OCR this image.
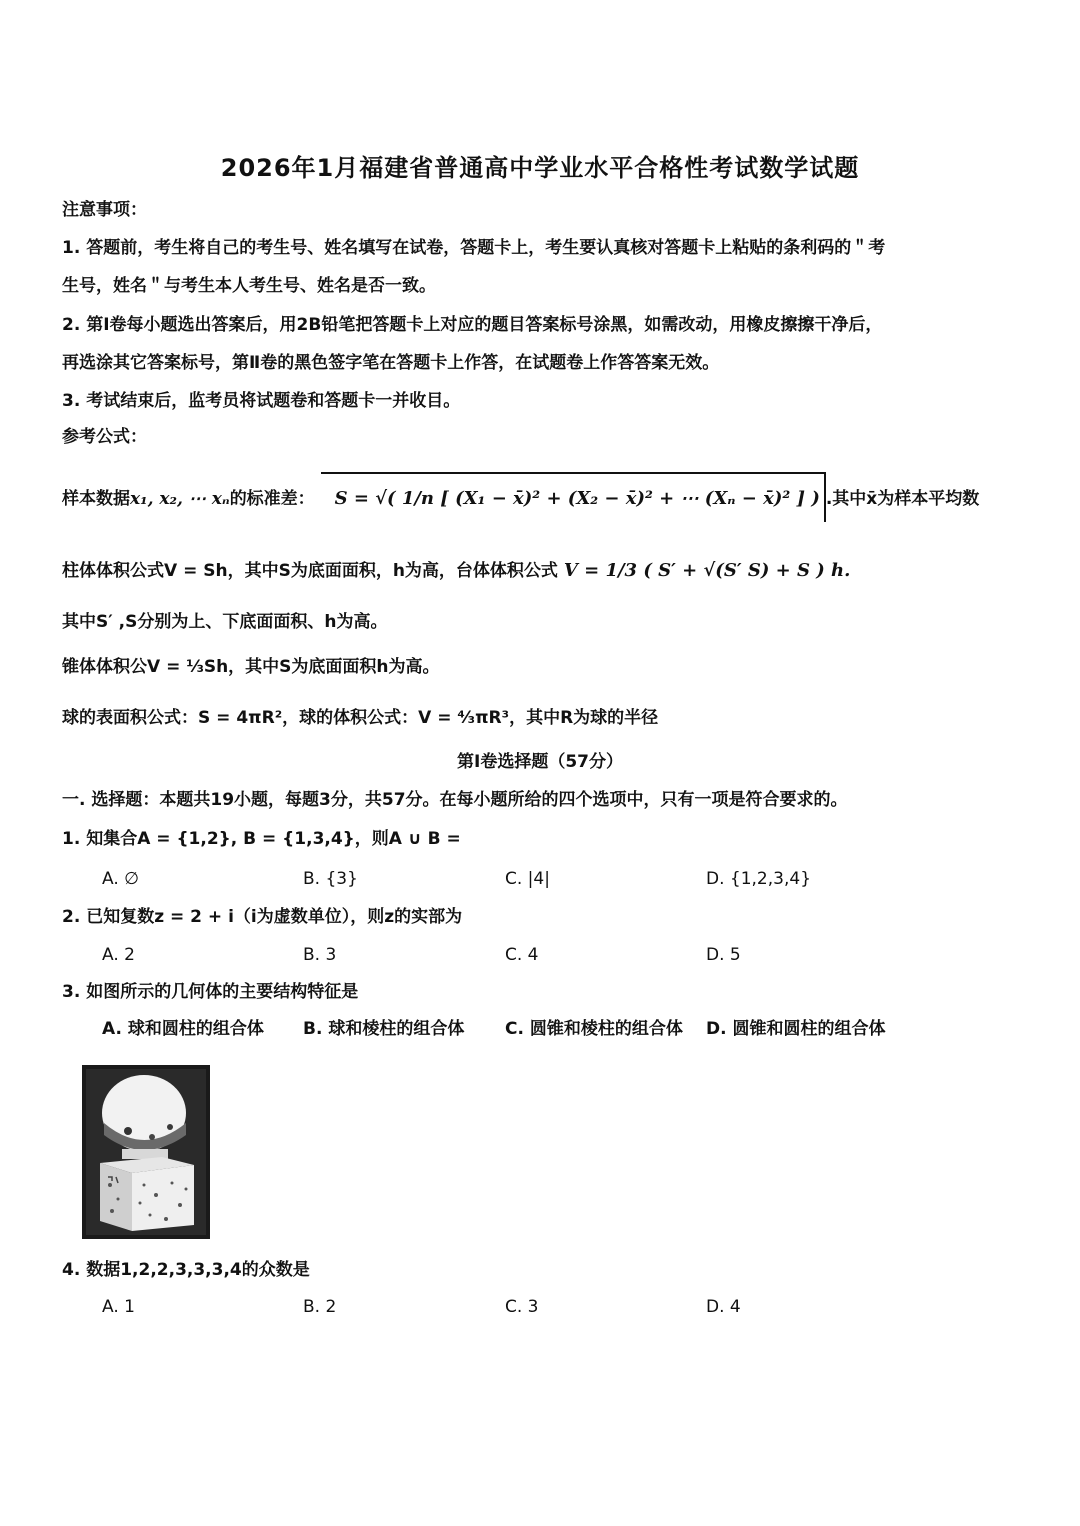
2026年1月福建省普通高中学业水平合格性考试数学试题
注意事项：
1. 答题前，考生将自己的考生号、姓名填写在试卷，答题卡上，考生要认真核对答题卡上粘贴的条利码的＂考
生号，姓名＂与考生本人考生号、姓名是否一致。
2. 第Ⅰ卷每小题选出答案后，用2B铅笔把答题卡上对应的题目答案标号涂黑，如需改动，用橡皮擦擦干净后，
再选涂其它答案标号，第Ⅱ卷的黑色签字笔在答题卡上作答，在试题卷上作答答案无效。
3. 考试结束后，监考员将试题卷和答题卡一并收目。
参考公式：
样本数据x₁, x₂, ⋯ xₙ的标准差： S = √( 1/n [ (X₁ − x̄)² + (X₂ − x̄)² + ⋯ (Xₙ − x̄)² ] ) .其中x̄为样本平均数
柱体体积公式V = Sh，其中S为底面面积，h为高，台体体积公式 V = 1/3 ( S′ + √(S′ S) + S ) h.
其中S′ ,S分别为上、下底面面积、h为高。
锥体体积公V = ⅓Sh，其中S为底面面积h为高。
球的表面积公式：S = 4πR²，球的体积公式：V = ⁴⁄₃πR³，其中R为球的半径
第Ⅰ卷选择题（57分）
一. 选择题：本题共19小题，每题3分，共57分。在每小题所给的四个选项中，只有一项是符合要求的。
1. 知集合A = {1,2}, B = {1,3,4}，则A ∪ B =
A. ∅	B. {3}	C. |4|	D. {1,2,3,4}
2. 已知复数z = 2 + i（i为虚数单位），则z的实部为
A. 2	B. 3	C. 4	D. 5
3. 如图所示的几何体的主要结构特征是
A. 球和圆柱的组合体 B. 球和棱柱的组合体 C. 圆锥和棱柱的组合体 D. 圆锥和圆柱的组合体
4. 数据1,2,2,3,3,3,4的众数是
A. 1	B. 2	C. 3	D. 4
